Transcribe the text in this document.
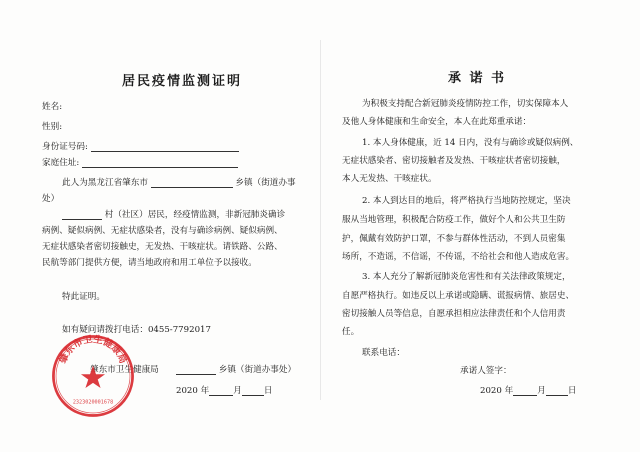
居民疫情监测证明
姓名:
性别:
身份证号码:
家庭住址:
此人为黑龙江省肇东市	乡镇（街道办事
处）
村（社区）居民，经疫情监测，非新冠肺炎确诊
病例、疑似病例、无症状感染者，没有与确诊病例、疑似病例、
无症状感染者密切接触史，无发热、干咳症状。请铁路、公路、
民航等部门提供方便，请当地政府和用工单位予以接收。
特此证明。
如有疑问请拨打电话：0455-7792017
乡镇（街道办事处）
肇东市卫生健康局
2020 年	月	日
肇东市卫生健康局
2323020001678
承 诺 书
为积极支持配合新冠肺炎疫情防控工作，切实保障本人
及他人身体健康和生命安全，本人在此郑重承诺：
1. 本人身体健康，近 14 日内，没有与确诊或疑似病例、
无症状感染者、密切接触者及发热、干咳症状者密切接触，
本人无发热、干咳症状。
2. 本人到达目的地后，将严格执行当地防控规定，坚决
服从当地管理，积极配合防疫工作，做好个人和公共卫生防
护，佩戴有效防护口罩，不参与群体性活动，不到人员密集
场所，不造谣，不信谣，不传谣，不给社会和他人造成危害。
3. 本人充分了解新冠肺炎危害性和有关法律政策规定，
自愿严格执行。如违反以上承诺或隐瞒、谎报病情、旅居史、
密切接触人员等信息，自愿承担相应法律责任和个人信用责
任。
联系电话：
承诺人签字：
2020 年	月	日
